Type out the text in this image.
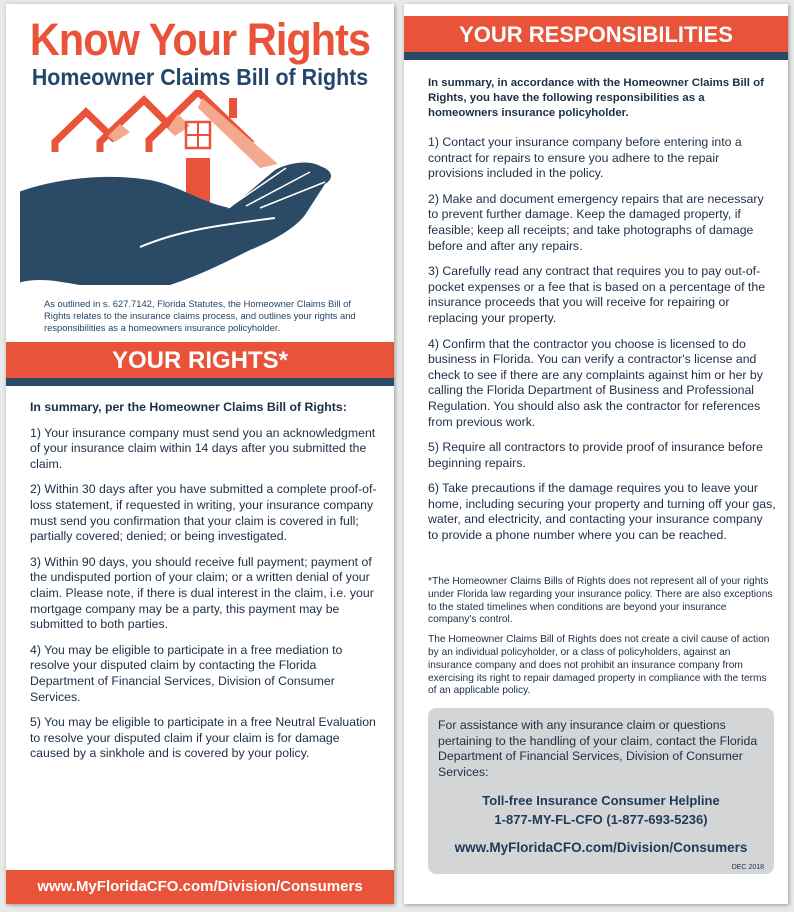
Know Your Rights
Homeowner Claims Bill of Rights
As outlined in s. 627.7142, Florida Statutes, the Homeowner Claims Bill of Rights relates to the insurance claims process, and outlines your rights and responsibilities as a homeowners insurance policyholder.
YOUR RIGHTS*

In summary, per the Homeowner Claims Bill of Rights:

1) Your insurance company must send you an acknowledgment of your insurance claim within 14 days after you submitted the claim.

2) Within 30 days after you have submitted a complete proof-of-loss statement, if requested in writing, your insurance company must send you confirmation that your claim is covered in full; partially covered; denied; or being investigated.

3) Within 90 days, you should receive full payment; payment of the undisputed portion of your claim; or a written denial of your claim. Please note, if there is dual interest in the claim, i.e. your mortgage company may be a party, this payment may be submitted to both parties.

4) You may be eligible to participate in a free mediation to resolve your disputed claim by contacting the Florida Department of Financial Services, Division of Consumer Services.

5) You may be eligible to participate in a free Neutral Evaluation to resolve your disputed claim if your claim is for damage caused by a sinkhole and is covered by your policy.

www.MyFloridaCFO.com/Division/Consumers
YOUR RESPONSIBILITIES

In summary, in accordance with the Homeowner Claims Bill of Rights, you have the following responsibilities as a homeowners insurance policyholder.

1) Contact your insurance company before entering into a contract for repairs to ensure you adhere to the repair provisions included in the policy.

2) Make and document emergency repairs that are necessary to prevent further damage. Keep the damaged property, if feasible; keep all receipts; and take photographs of damage before and after any repairs.

3) Carefully read any contract that requires you to pay out-of-pocket expenses or a fee that is based on a percentage of the insurance proceeds that you will receive for repairing or replacing your property.

4) Confirm that the contractor you choose is licensed to do business in Florida. You can verify a contractor's license and check to see if there are any complaints against him or her by calling the Florida Department of Business and Professional Regulation. You should also ask the contractor for references from previous work.

5) Require all contractors to provide proof of insurance before beginning repairs.

6) Take precautions if the damage requires you to leave your home, including securing your property and turning off your gas, water, and electricity, and contacting your insurance company to provide a phone number where you can be reached.

*The Homeowner Claims Bills of Rights does not represent all of your rights under Florida law regarding your insurance policy. There are also exceptions to the stated timelines when conditions are beyond your insurance company's control.

The Homeowner Claims Bill of Rights does not create a civil cause of action by an individual policyholder, or a class of policyholders, against an insurance company and does not prohibit an insurance company from exercising its right to repair damaged property in compliance with the terms of an applicable policy.

For assistance with any insurance claim or questions pertaining to the handling of your claim, contact the Florida Department of Financial Services, Division of Consumer Services:
Toll-free Insurance Consumer Helpline
1-877-MY-FL-CFO (1-877-693-5236)
www.MyFloridaCFO.com/Division/Consumers
DEC 2018
